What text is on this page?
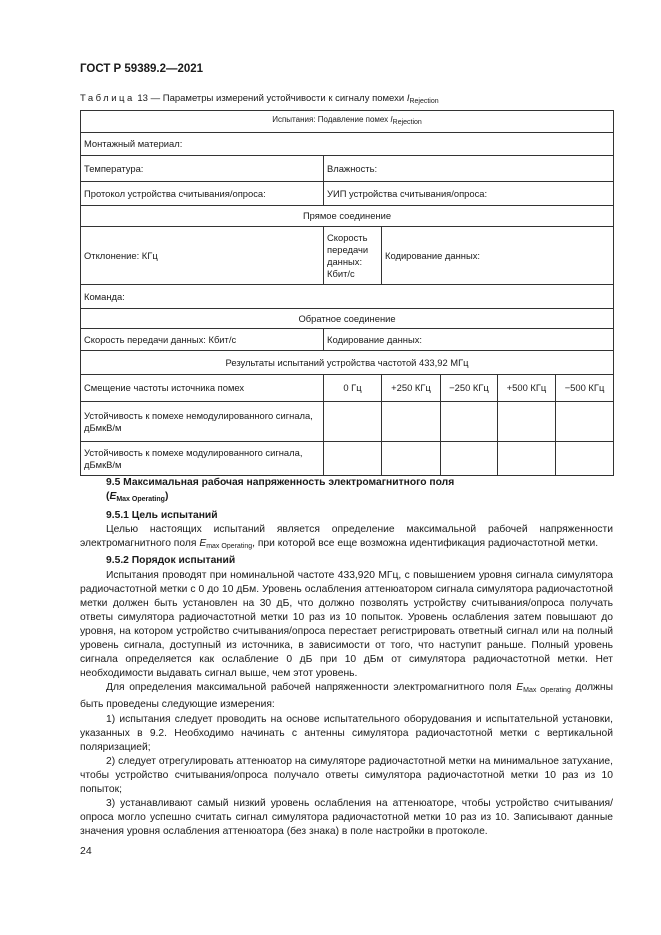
ГОСТ Р 59389.2—2021
Таблица 13 — Параметры измерений устойчивости к сигналу помехи $I_{Rejection}$
Испытания: Подавление помех $I_{Rejection}$
Монтажный материал:					
Температура:	Влажность:				
Протокол устройства считывания/опроса:	УИП устройства считывания/опроса:				
Прямое соединение					
Отклонение: КГц	Скорость передачи данных: Кбит/с	Кодирование данных:			
Команда:					
Обратное соединение					
Скорость передачи данных: Кбит/с	Кодирование данных:				
Результаты испытаний устройства частотой 433,92 МГц					
Смещение частоты источника помех	0 Гц	+250 КГц	−250 КГц	+500 КГц	−500 КГц
Устойчивость к помехе немодулированного сигнала, дБмкВ/м					
Устойчивость к помехе модулированного сигнала, дБмкВ/м					

9.5 Максимальная рабочая напряженность электромагнитного поля

$(E_{Max Operating})$

9.5.1 Цель испытаний

Целью настоящих испытаний является определение максимальной рабочей напряженности электромагнитного поля $E_{max Operating}$, при которой все еще возможна идентификация радиочастотной метки.

9.5.2 Порядок испытаний

Испытания проводят при номинальной частоте 433,920 МГц, с повышением уровня сигнала симулятора радиочастотной метки с 0 до 10 дБм. Уровень ослабления аттенюатором сигнала симулятора радиочастотной метки должен быть установлен на 30 дБ, что должно позволять устройству считывания/опроса получать ответы симулятора радиочастотной метки 10 раз из 10 попыток. Уровень ослабления затем повышают до уровня, на котором устройство считывания/опроса перестает регистрировать ответный сигнал или на полный уровень сигнала, доступный из источника, в зависимости от того, что наступит раньше. Полный уровень сигнала определяется как ослабление 0 дБ при 10 дБм от симулятора радиочастотной метки. Нет необходимости выдавать сигнал выше, чем этот уровень.

Для определения максимальной рабочей напряженности электромагнитного поля $E_{Max Operating}$ должны быть проведены следующие измерения:

1) испытания следует проводить на основе испытательного оборудования и испытательной установки, указанных в 9.2. Необходимо начинать с антенны симулятора радиочастотной метки с вертикальной поляризацией;

2) следует отрегулировать аттенюатор на симуляторе радиочастотной метки на минимальное затухание, чтобы устройство считывания/опроса получало ответы симулятора радиочастотной метки 10 раз из 10 попыток;

3) устанавливают самый низкий уровень ослабления на аттенюаторе, чтобы устройство считывания/опроса могло успешно считать сигнал симулятора радиочастотной метки 10 раз из 10. Записывают данные значения уровня ослабления аттенюатора (без знака) в поле настройки в протоколе.

24
